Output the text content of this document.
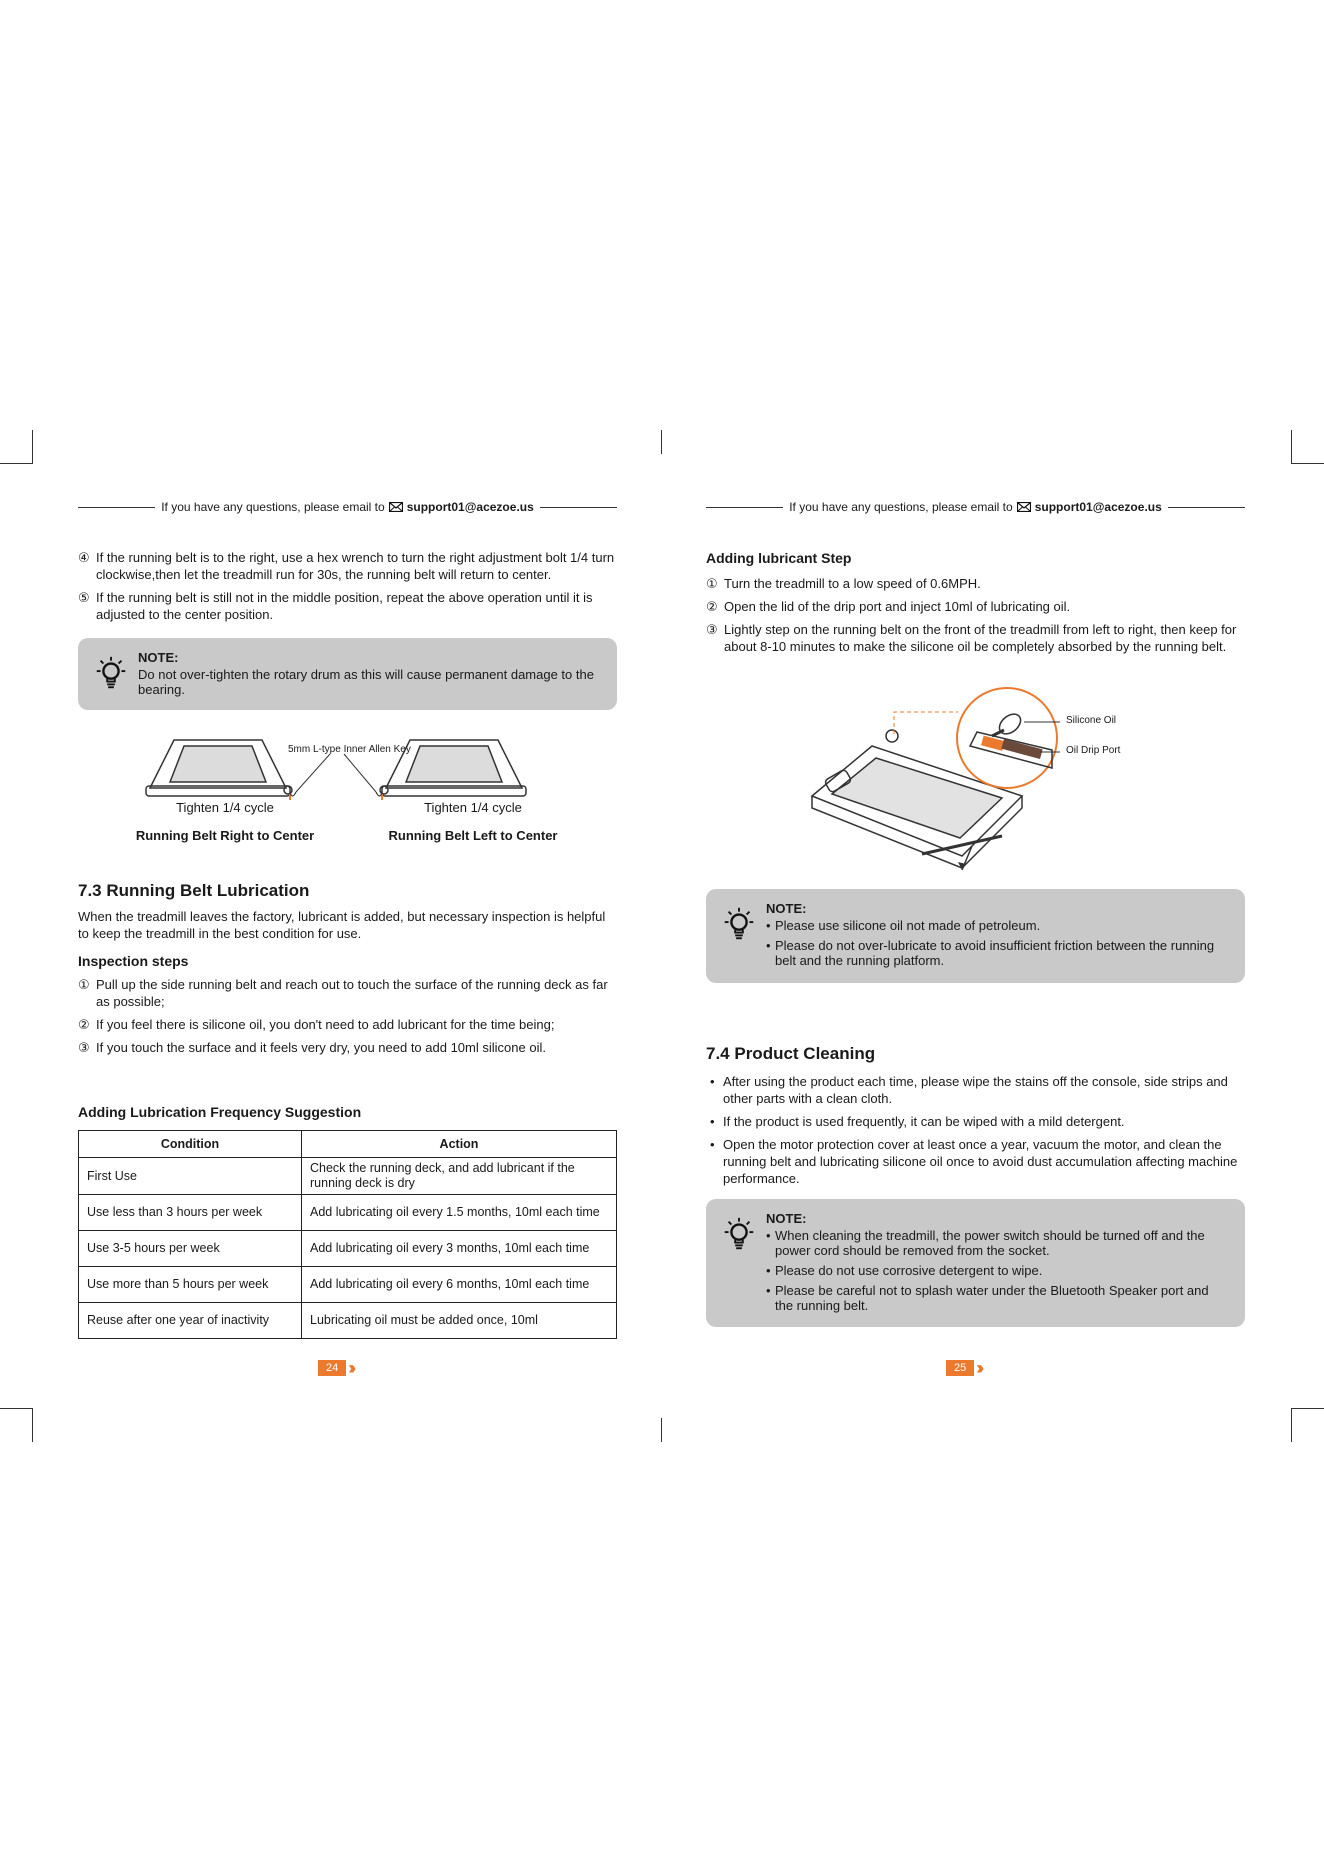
If you have any questions, please email to support01@acezoe.us
④ If the running belt is to the right, use a hex wrench to turn the right adjustment bolt 1/4 turn clockwise,then let the treadmill run for 30s, the running belt will return to center.
⑤ If the running belt is still not in the middle position, repeat the above operation until it is adjusted to the center position.
NOTE:
Do not over-tighten the rotary drum as this will cause permanent damage to the bearing.
5mm L-type Inner Allen Key
Tighten 1/4 cycle	Tighten 1/4 cycle
Running Belt Right to Center	Running Belt Left to Center
7.3 Running Belt Lubrication
When the treadmill leaves the factory, lubricant is added, but necessary inspection is helpful to keep the treadmill in the best condition for use.
Inspection steps
① Pull up the side running belt and reach out to touch the surface of the running deck as far as possible;
② If you feel there is silicone oil, you don't need to add lubricant for the time being;
③ If you touch the surface and it feels very dry, you need to add 10ml silicone oil.
Adding Lubrication Frequency Suggestion
Condition	Action
First Use	Check the running deck, and add lubricant if the running deck is dry
Use less than 3 hours per week	Add lubricating oil every 1.5 months, 10ml each time
Use 3-5 hours per week	Add lubricating oil every 3 months, 10ml each time
Use more than 5 hours per week	Add lubricating oil every 6 months, 10ml each time
Reuse after one year of inactivity	Lubricating oil must be added once, 10ml
24 ›››
If you have any questions, please email to support01@acezoe.us
Adding lubricant Step
① Turn the treadmill to a low speed of 0.6MPH.
② Open the lid of the drip port and inject 10ml of lubricating oil.
③ Lightly step on the running belt on the front of the treadmill from left to right, then keep for about 8-10 minutes to make the silicone oil be completely absorbed by the running belt.
Silicone Oil
Oil Drip Port
NOTE:
• Please use silicone oil not made of petroleum.
• Please do not over-lubricate to avoid insufficient friction between the running belt and the running platform.
7.4 Product Cleaning
• After using the product each time, please wipe the stains off the console, side strips and other parts with a clean cloth.
• If the product is used frequently, it can be wiped with a mild detergent.
• Open the motor protection cover at least once a year, vacuum the motor, and clean the running belt and lubricating silicone oil once to avoid dust accumulation affecting machine performance.
NOTE:
• When cleaning the treadmill, the power switch should be turned off and the power cord should be removed from the socket.
• Please do not use corrosive detergent to wipe.
• Please be careful not to splash water under the Bluetooth Speaker port and the running belt.
25 ›››
